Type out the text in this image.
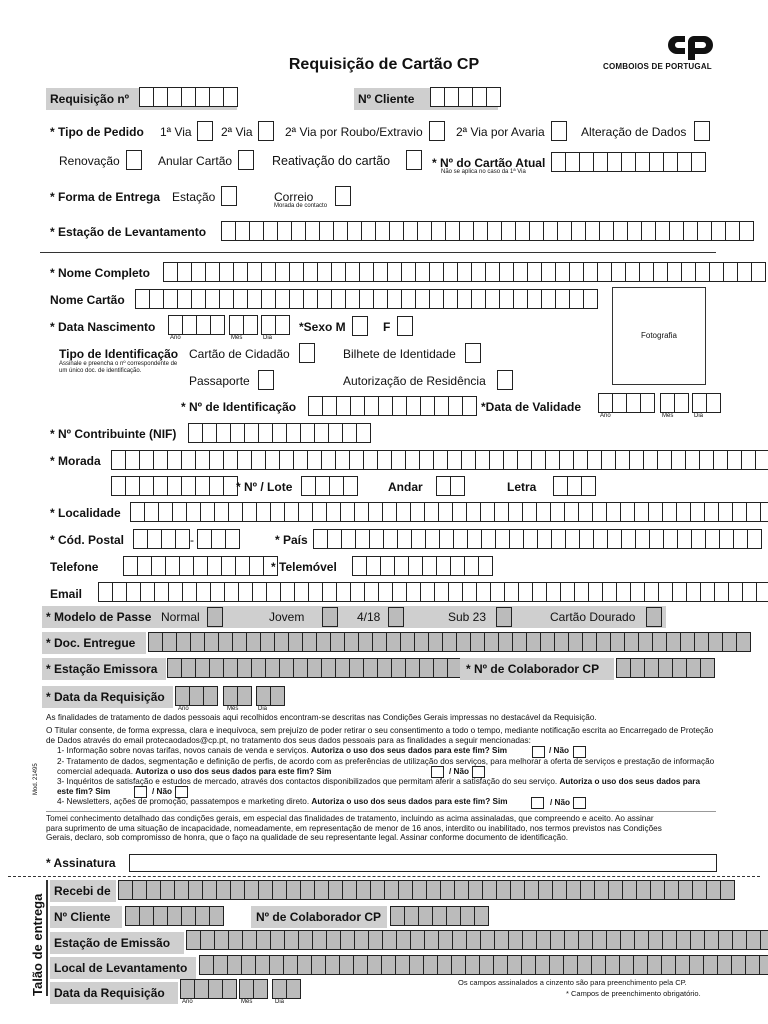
Requisição de Cartão CP	COMBOIOS DE PORTUGAL
Requisição nº	Nº Cliente
* Tipo de Pedido 1ª Via 2ª Via	2ª Via por Roubo/Extravio	2ª Via por Avaria	Alteração de Dados
Renovação	Anular Cartão	Reativação do cartão	* Nº do Cartão Atual
Não se aplica no caso da 1ª Via
* Forma de Entrega Estação	Correio
Morada de contacto
* Estação de Levantamento
* Nome Completo
Nome Cartão
Fotografia
* Data Nascimento
Ano	Mês	Dia
*Sexo M	F
Tipo de Identificação
Assinale e preencha o nº correspondente de um único doc. de identificação.
Cartão de Cidadão	Bilhete de Identidade
Passaporte	Autorização de Residência
* Nº de Identificação	*Data de Validade
Ano	Mês	Dia
* Nº Contribuinte (NIF)
* Morada
* Nº / Lote	Andar	Letra
* Localidade
* Cód. Postal	-	* País
Telefone	* Telemóvel
Email
* Modelo de Passe Normal	Jovem	4/18	Sub 23	Cartão Dourado
* Doc. Entregue
* Estação Emissora	* Nº de Colaborador CP
* Data da Requisição
Ano	Mês	Dia
As finalidades de tratamento de dados pessoais aqui recolhidos encontram-se descritas nas Condições Gerais impressas no destacável da Requisição.
O Titular consente, de forma expressa, clara e inequívoca, sem prejuízo de poder retirar o seu consentimento a todo o tempo, mediante notificação escrita ao Encarregado de Proteção de Dados através do email protecaodados@cp.pt, no tratamento dos seus dados pessoais para as finalidades a seguir mencionadas:
Mod. 21495
1- Informação sobre novas tarifas, novos canais de venda e serviços. Autoriza o uso dos seus dados para este fim? Sim	/ Não
2- Tratamento de dados, segmentação e definição de perfis, de acordo com as preferências de utilização dos serviços, para melhorar a oferta de serviços e prestação de informação comercial adequada. Autoriza o uso dos seus dados para este fim? Sim	/ Não
3- Inquéritos de satisfação e estudos de mercado, através dos contactos disponibilizados que permitam aferir a satisfação do seu serviço. Autoriza o uso dos seus dados para este fim? Sim	/ Não
4- Newsletters, ações de promoção, passatempos e marketing direto. Autoriza o uso dos seus dados para este fim? Sim	/ Não
Tomei conhecimento detalhado das condições gerais, em especial das finalidades de tratamento, incluindo as acima assinaladas, que compreendo e aceito. Ao assinar para suprimento de uma situação de incapacidade, nomeadamente, em representação de menor de 16 anos, interdito ou inabilitado, nos termos previstos nas Condições Gerais, declaro, sob compromisso de honra, que o faço na qualidade de seu representante legal. Assinar conforme documento de identificação.
* Assinatura
Talão de entrega
Recebi de
Nº Cliente	Nº de Colaborador CP
Estação de Emissão
Local de Levantamento
Data da Requisição
Ano	Mês	Dia
Os campos assinalados a cinzento são para preenchimento pela CP.
* Campos de preenchimento obrigatório.
